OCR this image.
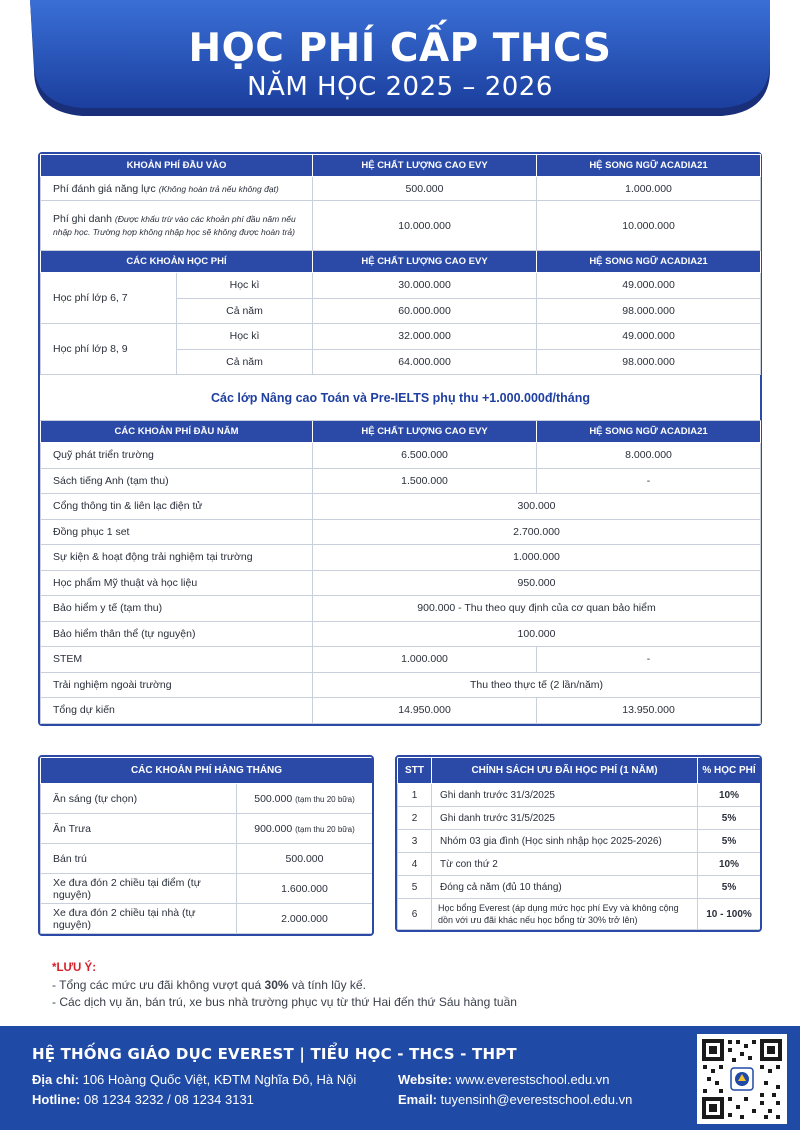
HỌC PHÍ CẤP THCS
NĂM HỌC 2025 – 2026
KHOẢN PHÍ ĐẦU VÀO		HỆ CHẤT LƯỢNG CAO EVY	HỆ SONG NGỮ ACADIA21
Phí đánh giá năng lực (Không hoàn trả nếu không đạt)		500.000	1.000.000
Phí ghi danh (Được khấu trừ vào các khoản phí đầu năm nếu nhập học. Trường hợp không nhập học sẽ không được hoàn trả)		10.000.000	10.000.000
CÁC KHOẢN HỌC PHÍ		HỆ CHẤT LƯỢNG CAO EVY	HỆ SONG NGỮ ACADIA21
Học phí lớp 6, 7	Học kì	30.000.000	49.000.000
	Cả năm	60.000.000	98.000.000
Học phí lớp 8, 9	Học kì	32.000.000	49.000.000
	Cả năm	64.000.000	98.000.000
Các lớp Nâng cao Toán và Pre-IELTS phụ thu +1.000.000đ/tháng			
CÁC KHOẢN PHÍ ĐẦU NĂM		HỆ CHẤT LƯỢNG CAO EVY	HỆ SONG NGỮ ACADIA21
Quỹ phát triển trường		6.500.000	8.000.000
Sách tiếng Anh (tạm thu)		1.500.000	-
Cổng thông tin & liên lạc điện tử		300.000	
Đồng phục 1 set		2.700.000	
Sự kiện & hoạt động trải nghiệm tại trường		1.000.000	
Học phẩm Mỹ thuật và học liệu		950.000	
Bảo hiểm y tế (tạm thu)		900.000 - Thu theo quy định của cơ quan bảo hiểm	
Bảo hiểm thân thể (tự nguyện)		100.000	
STEM		1.000.000	-
Trải nghiệm ngoài trường		Thu theo thực tế (2 lần/năm)	
Tổng dự kiến		14.950.000	13.950.000
CÁC KHOẢN PHÍ HÀNG THÁNG	
Ăn sáng (tự chọn)	500.000 (tạm thu 20 bữa)
Ăn Trưa	900.000 (tạm thu 20 bữa)
Bán trú	500.000
Xe đưa đón 2 chiều tại điểm (tự nguyện)	1.600.000
Xe đưa đón 2 chiều tại nhà (tự nguyện)	2.000.000
STT	CHÍNH SÁCH ƯU ĐÃI HỌC PHÍ (1 NĂM)	% HỌC PHÍ
1	Ghi danh trước 31/3/2025	10%
2	Ghi danh trước 31/5/2025	5%
3	Nhóm 03 gia đình (Học sinh nhập học 2025-2026)	5%
4	Từ con thứ 2	10%
5	Đóng cả năm (đủ 10 tháng)	5%
6	Học bổng Everest (áp dụng mức học phí Evy và không cộng dồn với ưu đãi khác nếu học bổng từ 30% trở lên)	10 - 100%
*LƯU Ý:
- Tổng các mức ưu đãi không vượt quá 30% và tính lũy kế.
- Các dịch vụ ăn, bán trú, xe bus nhà trường phục vụ từ thứ Hai đến thứ Sáu hàng tuần
HỆ THỐNG GIÁO DỤC EVEREST | TIỂU HỌC - THCS - THPT
Địa chỉ: 106 Hoàng Quốc Việt, KĐTM Nghĩa Đô, Hà Nội
Hotline: 08 1234 3232 / 08 1234 3131
Website: www.everestschool.edu.vn
Email: tuyensinh@everestschool.edu.vn
